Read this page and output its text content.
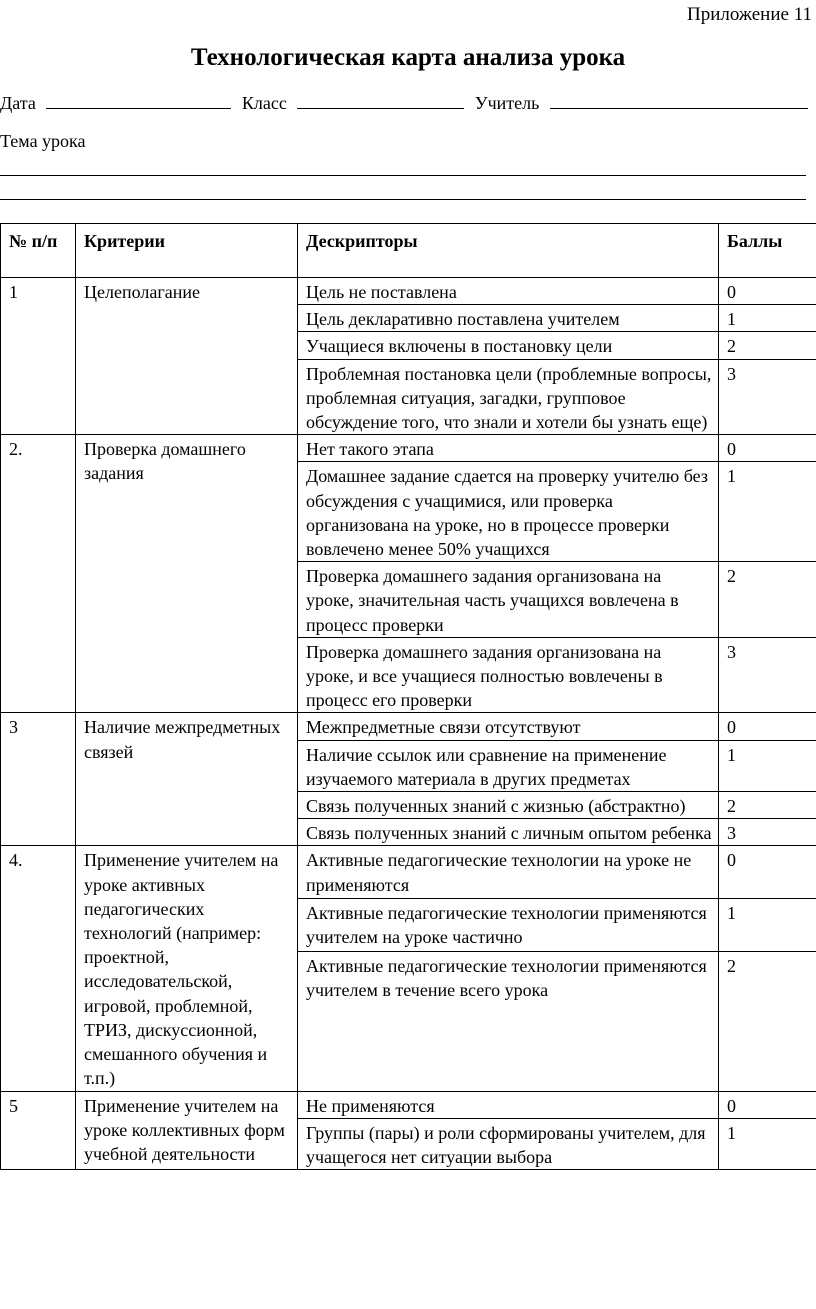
Приложение 11
Технологическая карта анализа урока
Дата	Класс	Учитель
Тема урока
№ п/п	Критерии	Дескрипторы	Баллы
1	Целеполагание	Цель не поставлена	0
		Цель декларативно поставлена учителем	1
		Учащиеся включены в постановку цели	2
		Проблемная постановка цели (проблемные вопросы, проблемная ситуация, загадки, групповое обсуждение того, что знали и хотели бы узнать еще)	3
2.	Проверка домашнего задания	Нет такого этапа	0
		Домашнее задание сдается на проверку учителю без обсуждения с учащимися, или проверка организована на уроке, но в процессе проверки вовлечено менее 50% учащихся	1
		Проверка домашнего задания организована на уроке, значительная часть учащихся вовлечена в процесс проверки	2
		Проверка домашнего задания организована на уроке, и все учащиеся полностью вовлечены в процесс его проверки	3
3	Наличие межпредметных связей	Межпредметные связи отсутствуют	0
		Наличие ссылок или сравнение на применение изучаемого материала в других предметах	1
		Связь полученных знаний с жизнью (абстрактно)	2
		Связь полученных знаний с личным опытом ребенка	3
4.	Применение учителем на уроке активных педагогических технологий (например: проектной, исследовательской, игровой, проблемной, ТРИЗ, дискуссионной, смешанного обучения и т.п.)	Активные педагогические технологии на уроке не применяются	0
		Активные педагогические технологии применяются учителем на уроке частично	1
		Активные педагогические технологии применяются учителем в течение всего урока	2
5	Применение учителем на уроке коллективных форм учебной деятельности	Не применяются	0
		Группы (пары) и роли сформированы учителем, для учащегося нет ситуации выбора	1
